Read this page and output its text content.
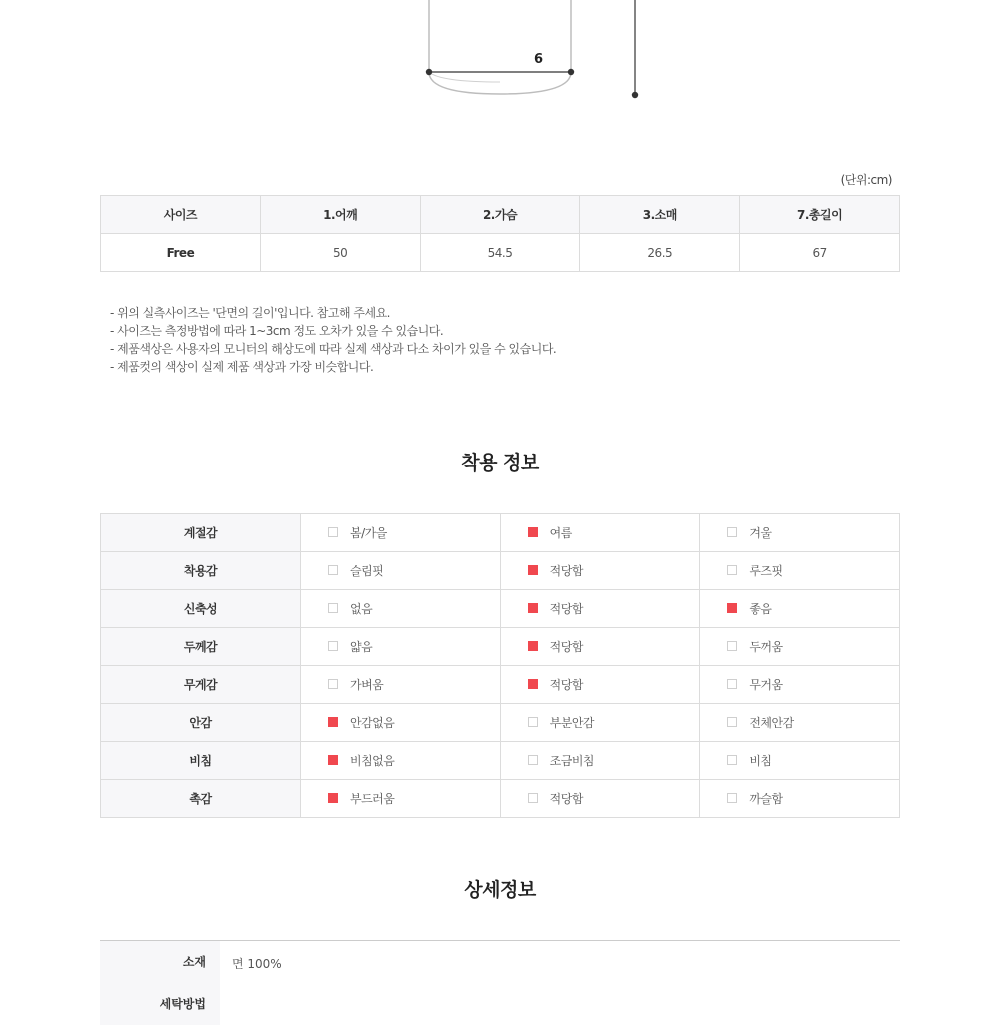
6
(단위:cm)
사이즈	1.어깨	2.가슴	3.소매	7.총길이
Free	50	54.5	26.5	67
- 위의 실측사이즈는 '단면의 길이'입니다. 참고해 주세요.
- 사이즈는 측정방법에 따라 1~3cm 정도 오차가 있을 수 있습니다.
- 제품색상은 사용자의 모니터의 해상도에 따라 실제 색상과 다소 차이가 있을 수 있습니다.
- 제품컷의 색상이 실제 제품 색상과 가장 비슷합니다.
착용 정보
계절감	봄/가을	여름	겨울
착용감	슬림핏	적당함	루즈핏
신축성	없음	적당함	좋음
두께감	얇음	적당함	두꺼움
무게감	가벼움	적당함	무거움
안감	안감없음	부분안감	전체안감
비침	비침없음	조금비침	비침
촉감	부드러움	적당함	까슬함
상세정보
소재	면 100%
세탁방법
